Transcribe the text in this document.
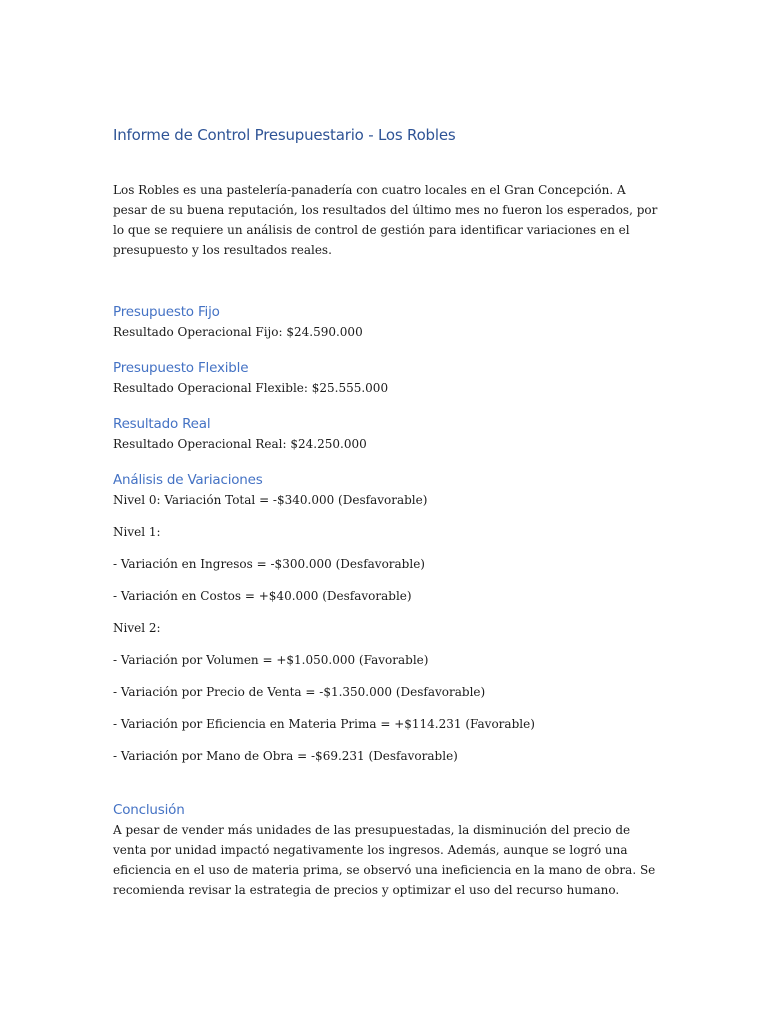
Informe de Control Presupuestario - Los Robles

Los Robles es una pastelería-panadería con cuatro locales en el Gran Concepción. A pesar de su buena reputación, los resultados del último mes no fueron los esperados, por lo que se requiere un análisis de control de gestión para identificar variaciones en el presupuesto y los resultados reales.

Presupuesto Fijo

Resultado Operacional Fijo: $24.590.000

Presupuesto Flexible

Resultado Operacional Flexible: $25.555.000

Resultado Real

Resultado Operacional Real: $24.250.000

Análisis de Variaciones

Nivel 0: Variación Total = -$340.000 (Desfavorable)

Nivel 1:

- Variación en Ingresos = -$300.000 (Desfavorable)

- Variación en Costos = +$40.000 (Desfavorable)

Nivel 2:

- Variación por Volumen = +$1.050.000 (Favorable)

- Variación por Precio de Venta = -$1.350.000 (Desfavorable)

- Variación por Eficiencia en Materia Prima = +$114.231 (Favorable)

- Variación por Mano de Obra = -$69.231 (Desfavorable)

Conclusión

A pesar de vender más unidades de las presupuestadas, la disminución del precio de venta por unidad impactó negativamente los ingresos. Además, aunque se logró una eficiencia en el uso de materia prima, se observó una ineficiencia en la mano de obra. Se recomienda revisar la estrategia de precios y optimizar el uso del recurso humano.
